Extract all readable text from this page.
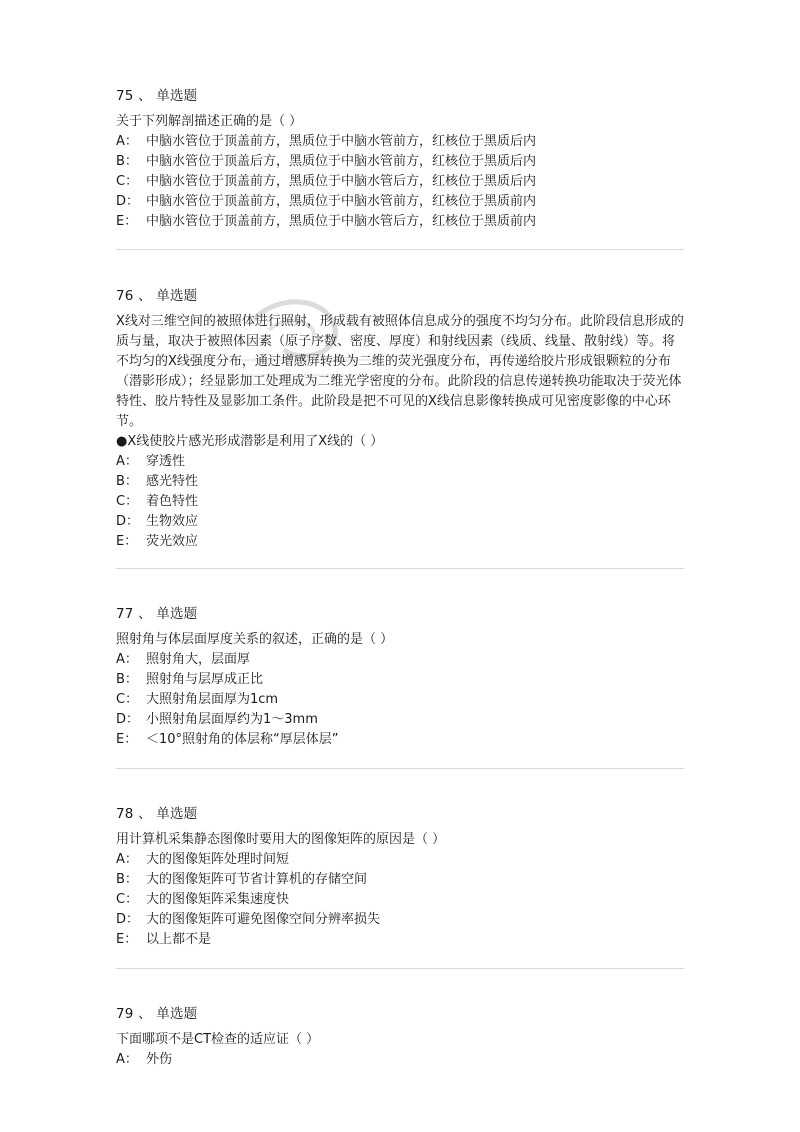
75 、 单选题
关于下列解剖描述正确的是（ ）
A： 中脑水管位于顶盖前方，黑质位于中脑水管前方，红核位于黑质后内
B： 中脑水管位于顶盖后方，黑质位于中脑水管前方，红核位于黑质后内
C： 中脑水管位于顶盖前方，黑质位于中脑水管后方，红核位于黑质后内
D： 中脑水管位于顶盖前方，黑质位于中脑水管前方，红核位于黑质前内
E： 中脑水管位于顶盖前方，黑质位于中脑水管后方，红核位于黑质前内
76 、 单选题
X线对三维空间的被照体进行照射，形成载有被照体信息成分的强度不均匀分布。此阶段信息形成的质与量，取决于被照体因素（原子序数、密度、厚度）和射线因素（线质、线量、散射线）等。将不均匀的X线强度分布，通过增感屏转换为二维的荧光强度分布，再传递给胶片形成银颗粒的分布（潜影形成）；经显影加工处理成为二维光学密度的分布。此阶段的信息传递转换功能取决于荧光体特性、胶片特性及显影加工条件。此阶段是把不可见的X线信息影像转换成可见密度影像的中心环节。
●X线使胶片感光形成潜影是利用了X线的（ ）
A： 穿透性
B： 感光特性
C： 着色特性
D： 生物效应
E： 荧光效应
77 、 单选题
照射角与体层面厚度关系的叙述，正确的是（ ）
A： 照射角大，层面厚
B： 照射角与层厚成正比
C： 大照射角层面厚为1cm
D： 小照射角层面厚约为1～3mm
E： ＜10°照射角的体层称“厚层体层”
78 、 单选题
用计算机采集静态图像时要用大的图像矩阵的原因是（ ）
A： 大的图像矩阵处理时间短
B： 大的图像矩阵可节省计算机的存储空间
C： 大的图像矩阵采集速度快
D： 大的图像矩阵可避免图像空间分辨率损失
E： 以上都不是
79 、 单选题
下面哪项不是CT检查的适应证（ ）
A： 外伤
